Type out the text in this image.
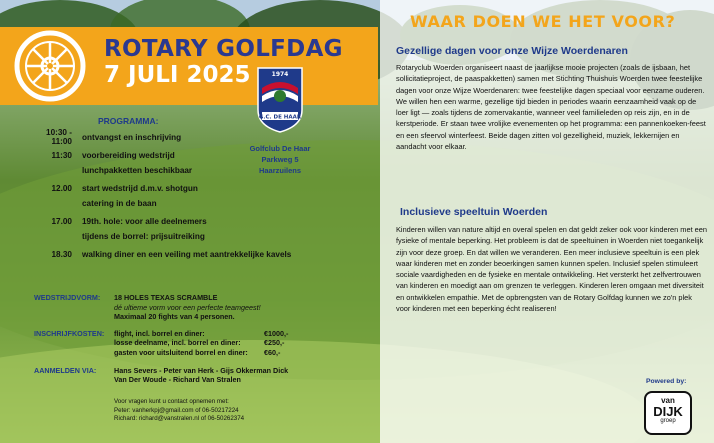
ROTARY GOLFDAG
7 JULI 2025	1974
G.C. DE HAAR
Golfclub De Haar
Parkweg 5
Haarzuilens
PROGRAMMA:
10:30 - 11:00	ontvangst en inschrijving
11:30	voorbereiding wedstrijd
lunchpakketten beschikbaar
12.00	start wedstrijd d.m.v. shotgun
catering in de baan
17.00	19th. hole: voor alle deelnemers
tijdens de borrel: prijsuitreiking
18.30	walking diner en een veiling met aantrekkelijke kavels
WEDSTRIJDVORM:	18 HOLES TEXAS SCRAMBLE
dé ultieme vorm voor een perfecte teamgeest!
Maximaal 20 fights van 4 personen.
INSCHRIJFKOSTEN:	flight, incl. borrel en diner:	€1000,-
losse deelname, incl. borrel en diner:	€250,-
gasten voor uitsluitend borrel en diner:	€60,-
AANMELDEN VIA:	Hans Severs - Peter van Herk - Gijs Okkerman Dick
Van Der Woude - Richard Van Stralen
Voor vragen kunt u contact opnemen met:
Peter: vanherkpj@gmail.com of 06-50217224
Richard: richard@vanstralen.nl of 06-50262374
WAAR DOEN WE HET VOOR?
Gezellige dagen voor onze Wijze Woerdenaren
Rotaryclub Woerden organiseert naast de jaarlijkse mooie projecten (zoals de ijsbaan, het sollicitatieproject, de paaspakketten) samen met Stichting Thuishuis Woerden twee feestelijke dagen voor onze Wijze Woerdenaren: twee feestelijke dagen speciaal voor eenzame ouderen. We willen hen een warme, gezellige tijd bieden in periodes waarin eenzaamheid vaak op de loer ligt — zoals tijdens de zomervakantie, wanneer veel familieleden op reis zijn, en in de kerstperiode. Er staan twee vrolijke evenementen op het programma: een pannenkoeken-feest en een sfeervol winterfeest. Beide dagen zitten vol gezelligheid, muziek, lekkernijen en aandacht voor elkaar.
Inclusieve speeltuin Woerden
Kinderen willen van nature altijd en overal spelen en dat geldt zeker ook voor kinderen met een fysieke of mentale beperking. Het probleem is dat de speeltuinen in Woerden niet toegankelijk zijn voor deze groep. En dat willen we veranderen. Een meer inclusieve speeltuin is een plek waar kinderen met en zonder beoerkingen samen kunnen spelen. Inclusief spelen stimuleert sociale vaardigheden en de fysieke en mentale ontwikkeling. Het versterkt het zelfvertrouwen van kinderen en moedigt aan om grenzen te verleggen. Kinderen leren omgaan met diversiteit en ontwikkelen empathie. Met de opbrengsten van de Rotary Golfdag kunnen we zo'n plek voor kinderen met een beperking écht realiseren!
Powered by:
van
DIJK
groep
